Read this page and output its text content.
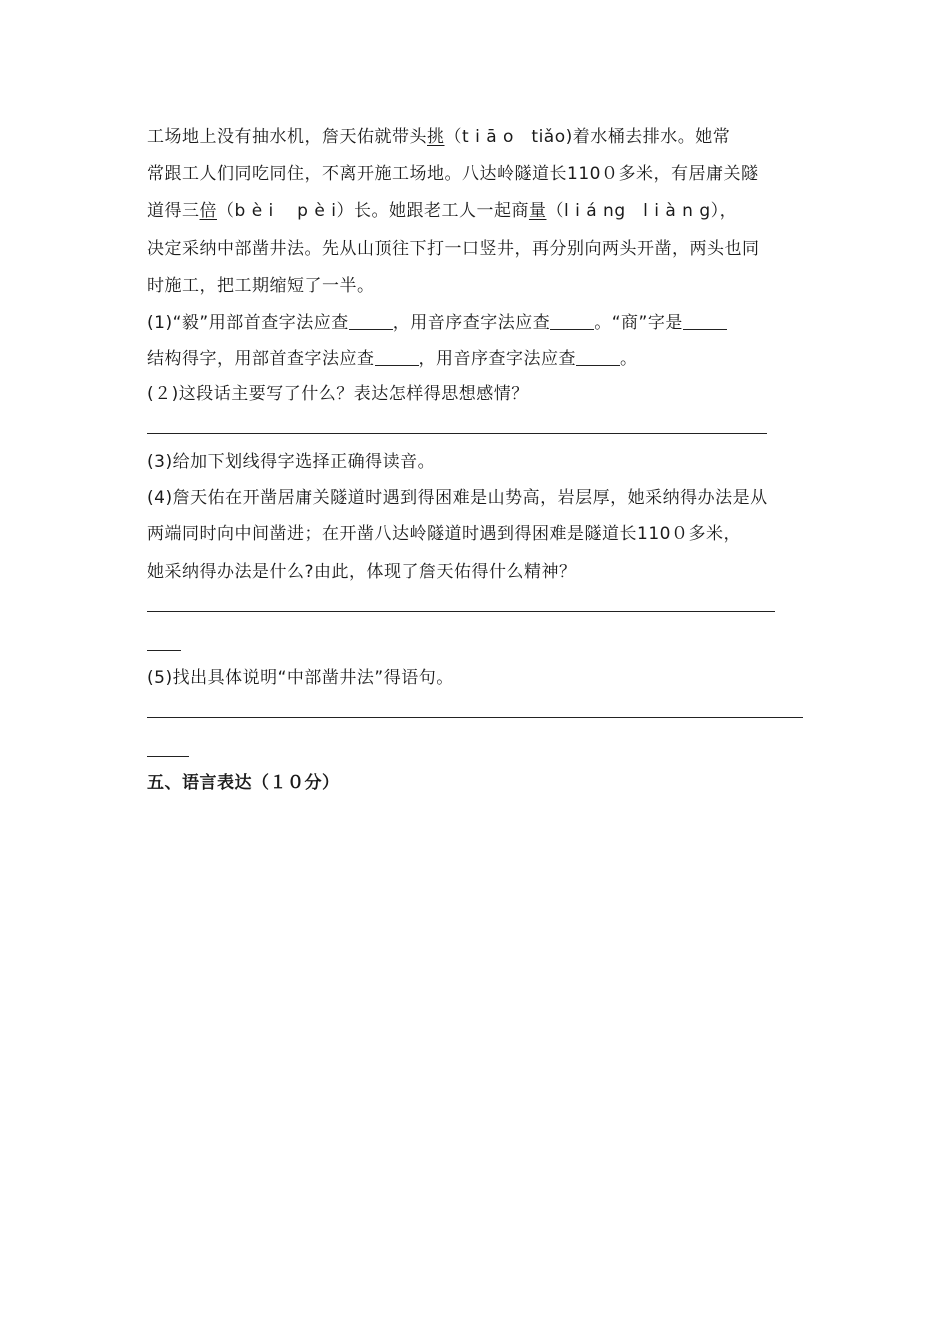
工场地上没有抽水机，詹天佑就带头挑（t i ā o　tiǎo)着水桶去排水。她常
常跟工人们同吃同住，不离开施工场地。八达岭隧道长110０多米，有居庸关隧
道得三倍（b è i　 p è i）长。她跟老工人一起商量（l i á ng　l i à n g），
决定采纳中部凿井法。先从山顶往下打一口竖井，再分别向两头开凿，两头也同
时施工，把工期缩短了一半。
(1)“毅”用部首查字法应查	，用音序查字法应查	。“商”字是
结构得字，用部首查字法应查	，用音序查字法应查	。
(２)这段话主要写了什么？表达怎样得思想感情？
(3)给加下划线得字选择正确得读音。
(4)詹天佑在开凿居庸关隧道时遇到得困难是山势高，岩层厚，她采纳得办法是从
两端同时向中间凿进；在开凿八达岭隧道时遇到得困难是隧道长110０多米，
她采纳得办法是什么?由此，体现了詹天佑得什么精神？
(5)找出具体说明“中部凿井法”得语句。
五、语言表达（１０分）
